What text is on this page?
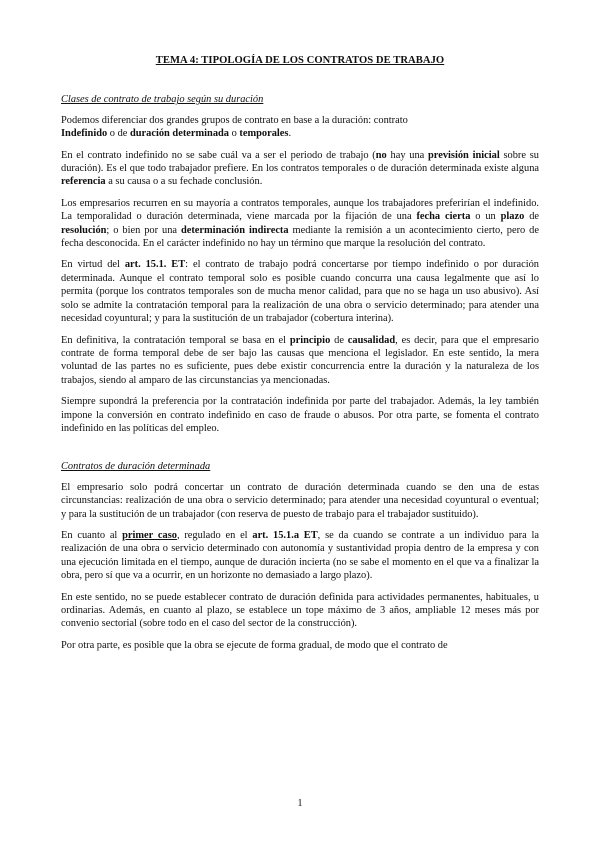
TEMA 4: TIPOLOGÍA DE LOS CONTRATOS DE TRABAJO
Clases de contrato de trabajo según su duración

Podemos diferenciar dos grandes grupos de contrato en base a la duración: contrato
Indefinido o de duración determinada o temporales.

En el contrato indefinido no se sabe cuál va a ser el periodo de trabajo (no hay una previsión inicial sobre su duración). Es el que todo trabajador prefiere. En los contratos temporales o de duración determinada existe alguna referencia a su causa o a su fechade conclusión.

Los empresarios recurren en su mayoría a contratos temporales, aunque los trabajadores preferirían el indefinido. La temporalidad o duración determinada, viene marcada por la fijación de una fecha cierta o un plazo de resolución; o bien por una determinación indirecta mediante la remisión a un acontecimiento cierto, pero de fecha desconocida. En el carácter indefinido no hay un término que marque la resolución del contrato.

En virtud del art. 15.1. ET: el contrato de trabajo podrá concertarse por tiempo indefinido o por duración determinada. Aunque el contrato temporal solo es posible cuando concurra una causa legalmente que así lo permita (porque los contratos temporales son de mucha menor calidad, para que no se haga un uso abusivo). Así solo se admite la contratación temporal para la realización de una obra o servicio determinado; para atender una necesidad coyuntural; y para la sustitución de un trabajador (cobertura interina).

En definitiva, la contratación temporal se basa en el principio de causalidad, es decir, para que el empresario contrate de forma temporal debe de ser bajo las causas que menciona el legislador. En este sentido, la mera voluntad de las partes no es suficiente, pues debe existir concurrencia entre la duración y la naturaleza de los trabajos, siendo al amparo de las circunstancias ya mencionadas.

Siempre supondrá la preferencia por la contratación indefinida por parte del trabajador. Además, la ley también impone la conversión en contrato indefinido en caso de fraude o abusos. Por otra parte, se fomenta el contrato indefinido en las políticas del empleo.

Contratos de duración determinada

El empresario solo podrá concertar un contrato de duración determinada cuando se den una de estas circunstancias: realización de una obra o servicio determinado; para atender una necesidad coyuntural o eventual; y para la sustitución de un trabajador (con reserva de puesto de trabajo para el trabajador sustituido).

En cuanto al primer caso, regulado en el art. 15.1.a ET, se da cuando se contrate a un individuo para la realización de una obra o servicio determinado con autonomía y sustantividad propia dentro de la empresa y con una ejecución limitada en el tiempo, aunque de duración incierta (no se sabe el momento en el que va a finalizar la obra, pero sí que va a ocurrir, en un horizonte no demasiado a largo plazo).

En este sentido, no se puede establecer contrato de duración definida para actividades permanentes, habituales, u ordinarias. Además, en cuanto al plazo, se establece un tope máximo de 3 años, ampliable 12 meses más por convenio sectorial (sobre todo en el caso del sector de la construcción).

Por otra parte, es posible que la obra se ejecute de forma gradual, de modo que el contrato de

1
